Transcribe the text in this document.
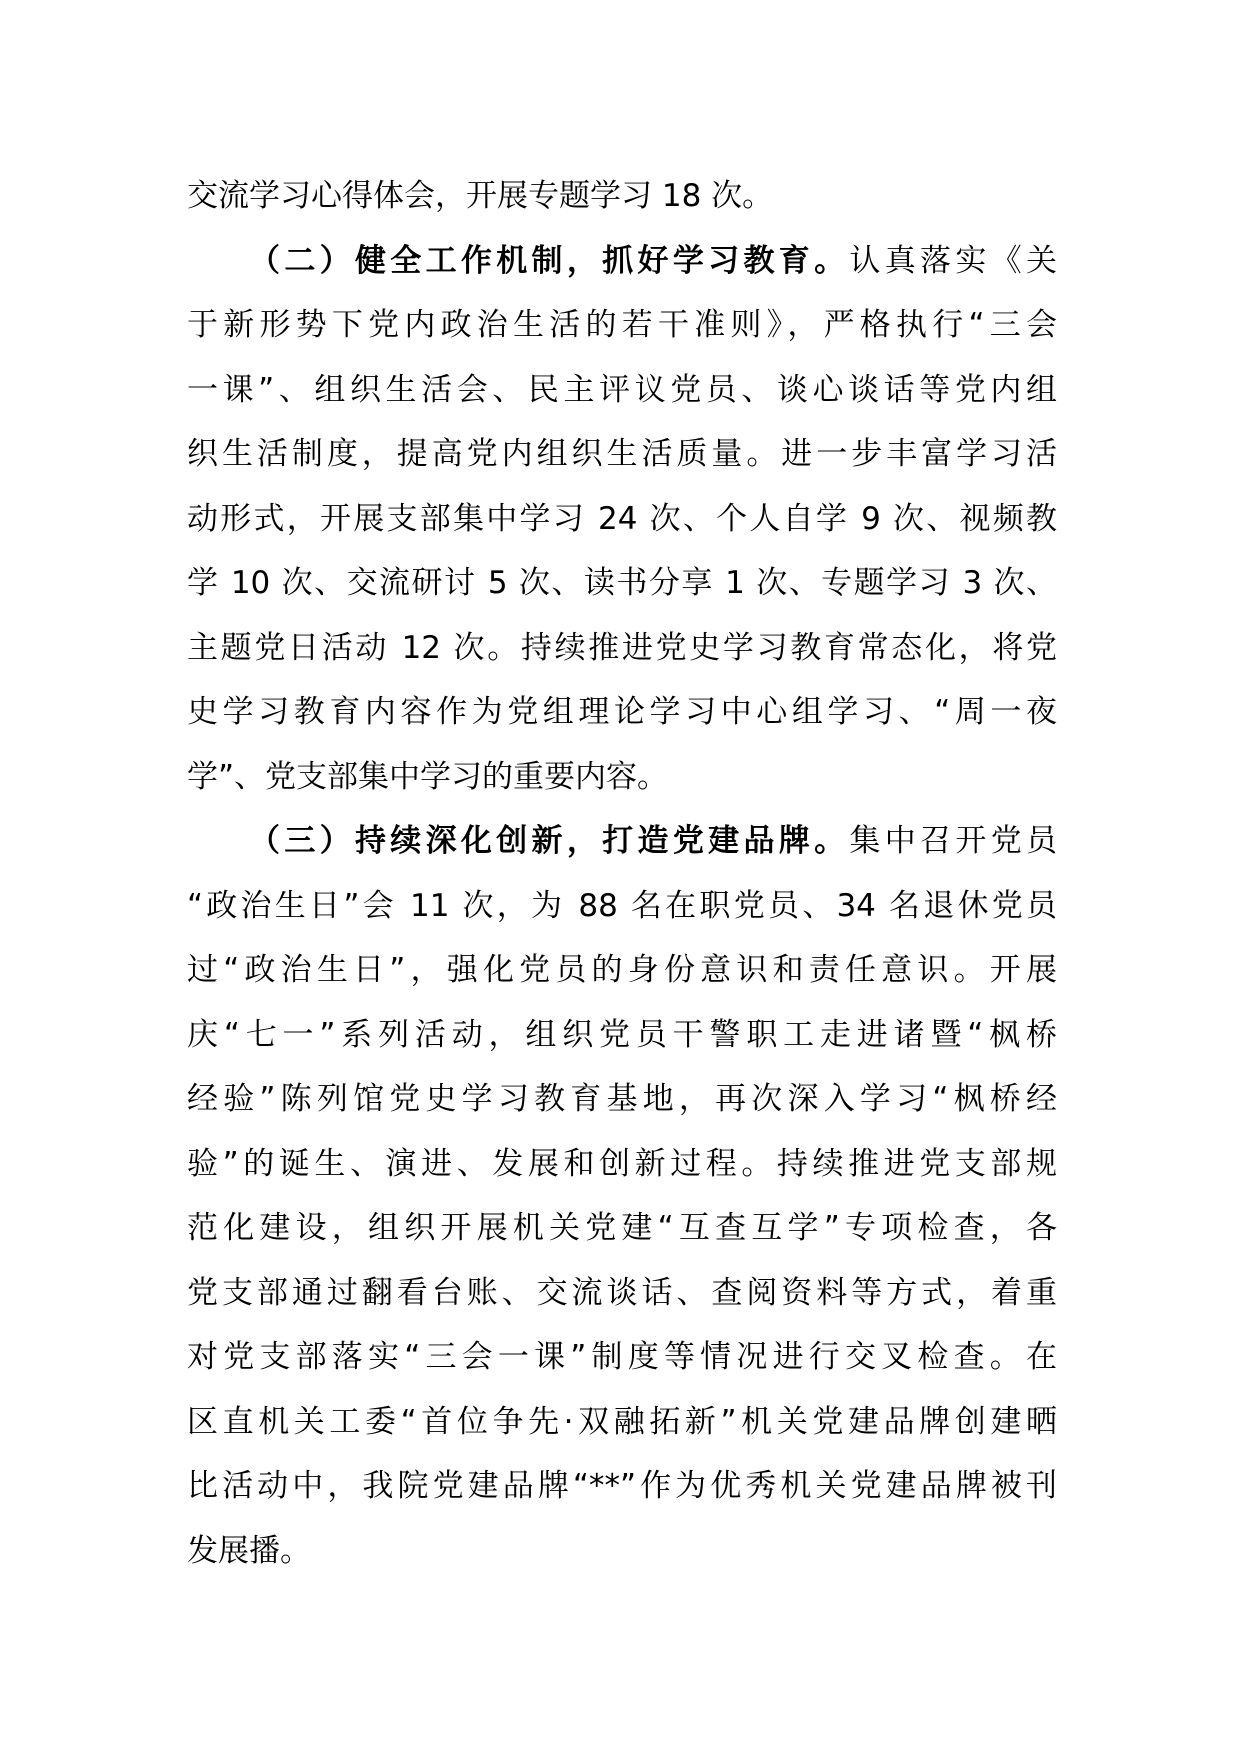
交流学习心得体会，开展专题学习 18 次。
（二）健全工作机制，抓好学习教育。认真落实《关
于新形势下党内政治生活的若干准则》，严格执行“三会
一课”、组织生活会、民主评议党员、谈心谈话等党内组
织生活制度，提高党内组织生活质量。进一步丰富学习活
动形式，开展支部集中学习 24 次、个人自学 9 次、视频教
学 10 次、交流研讨 5 次、读书分享 1 次、专题学习 3 次、
主题党日活动 12 次。持续推进党史学习教育常态化，将党
史学习教育内容作为党组理论学习中心组学习、“周一夜
学”、党支部集中学习的重要内容。
（三）持续深化创新，打造党建品牌。集中召开党员
“政治生日”会 11 次，为 88 名在职党员、34 名退休党员
过“政治生日”，强化党员的身份意识和责任意识。开展
庆“七一”系列活动，组织党员干警职工走进诸暨“枫桥
经验”陈列馆党史学习教育基地，再次深入学习“枫桥经
验”的诞生、演进、发展和创新过程。持续推进党支部规
范化建设，组织开展机关党建“互查互学”专项检查，各
党支部通过翻看台账、交流谈话、查阅资料等方式，着重
对党支部落实“三会一课”制度等情况进行交叉检查。在
区直机关工委“首位争先·双融拓新”机关党建品牌创建晒
比活动中，我院党建品牌“**”作为优秀机关党建品牌被刊
发展播。
